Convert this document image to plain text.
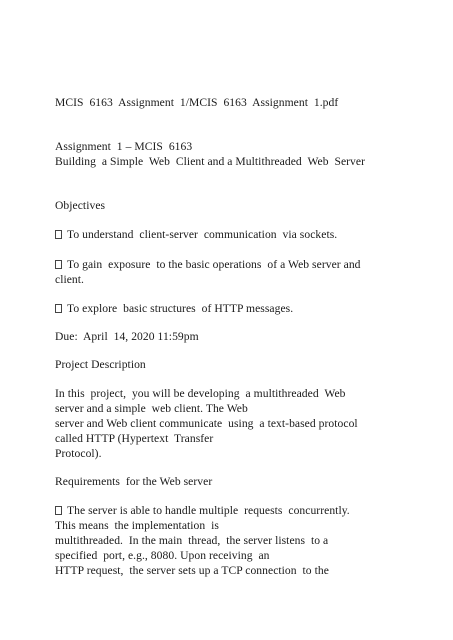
MCIS  6163  Assignment  1/MCIS  6163  Assignment  1.pdf
Assignment  1 – MCIS  6163
Building  a Simple  Web  Client and a Multithreaded  Web  Server
Objectives
To understand  client-server  communication  via sockets.
To gain  exposure  to the basic operations  of a Web server and
client.
To explore  basic structures  of HTTP messages.
Due:  April  14, 2020 11:59pm
Project Description
In this  project,  you will be developing  a multithreaded  Web
server and a simple  web client. The Web
server and Web client communicate  using  a text-based protocol
called HTTP (Hypertext  Transfer
Protocol).
Requirements  for the Web server
The server is able to handle multiple  requests  concurrently.
This means  the implementation  is
multithreaded.  In the main  thread,  the server listens  to a
specified  port, e.g., 8080. Upon receiving  an
HTTP request,  the server sets up a TCP connection  to the
